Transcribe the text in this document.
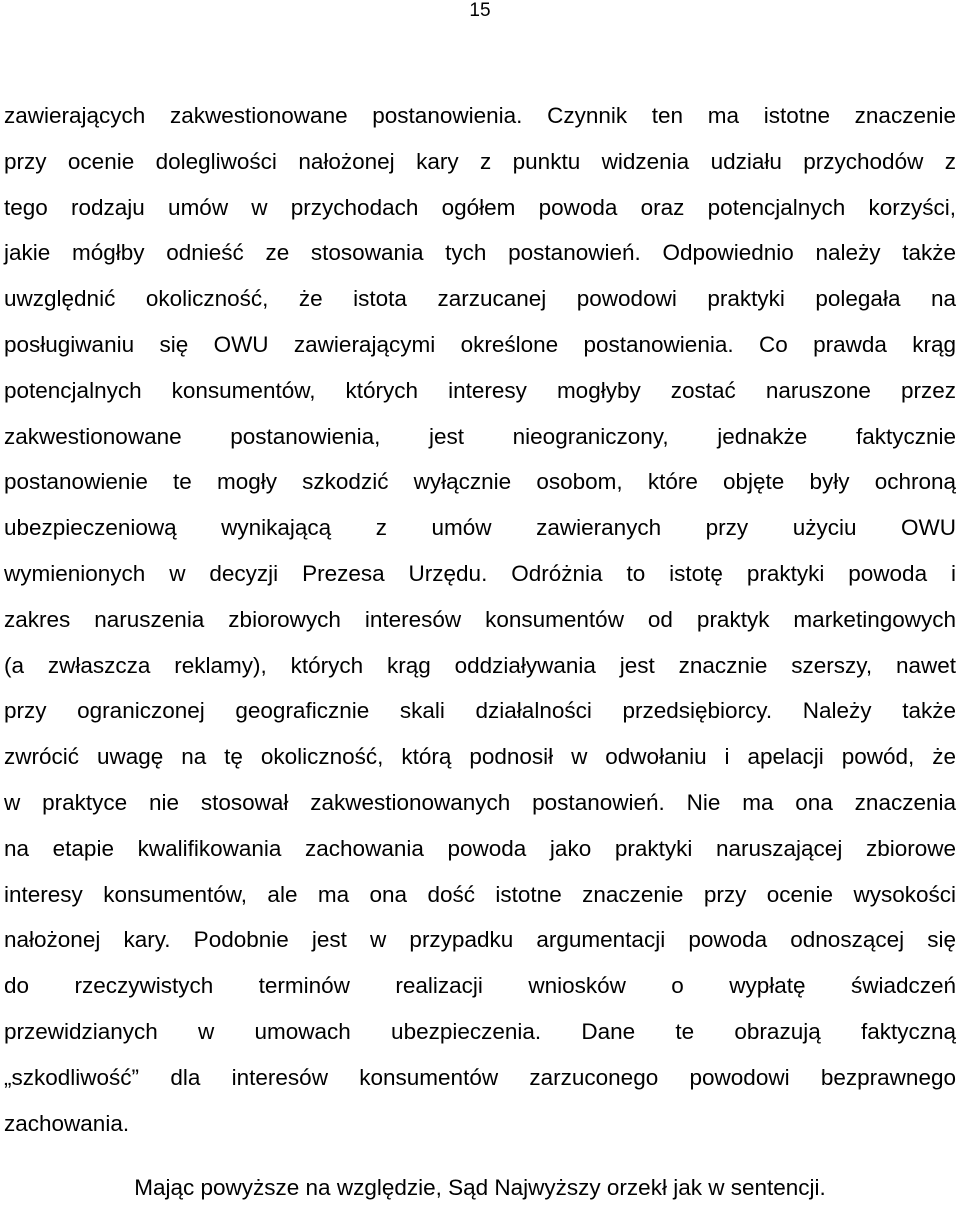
15
zawierających zakwestionowane postanowienia. Czynnik ten ma istotne znaczenie
przy ocenie dolegliwości nałożonej kary z punktu widzenia udziału przychodów z
tego rodzaju umów w przychodach ogółem powoda oraz potencjalnych korzyści,
jakie mógłby odnieść ze stosowania tych postanowień. Odpowiednio należy także
uwzględnić okoliczność, że istota zarzucanej powodowi praktyki polegała na
posługiwaniu się OWU zawierającymi określone postanowienia. Co prawda krąg
potencjalnych konsumentów, których interesy mogłyby zostać naruszone przez
zakwestionowane postanowienia, jest nieograniczony, jednakże faktycznie
postanowienie te mogły szkodzić wyłącznie osobom, które objęte były ochroną
ubezpieczeniową wynikającą z umów zawieranych przy użyciu OWU
wymienionych w decyzji Prezesa Urzędu. Odróżnia to istotę praktyki powoda i
zakres naruszenia zbiorowych interesów konsumentów od praktyk marketingowych
(a zwłaszcza reklamy), których krąg oddziaływania jest znacznie szerszy, nawet
przy ograniczonej geograficznie skali działalności przedsiębiorcy. Należy także
zwrócić uwagę na tę okoliczność, którą podnosił w odwołaniu i apelacji powód, że
w praktyce nie stosował zakwestionowanych postanowień. Nie ma ona znaczenia
na etapie kwalifikowania zachowania powoda jako praktyki naruszającej zbiorowe
interesy konsumentów, ale ma ona dość istotne znaczenie przy ocenie wysokości
nałożonej kary. Podobnie jest w przypadku argumentacji powoda odnoszącej się
do rzeczywistych terminów realizacji wniosków o wypłatę świadczeń
przewidzianych w umowach ubezpieczenia. Dane te obrazują faktyczną
„szkodliwość” dla interesów konsumentów zarzuconego powodowi bezprawnego
zachowania.
Mając powyższe na względzie, Sąd Najwyższy orzekł jak w sentencji.
